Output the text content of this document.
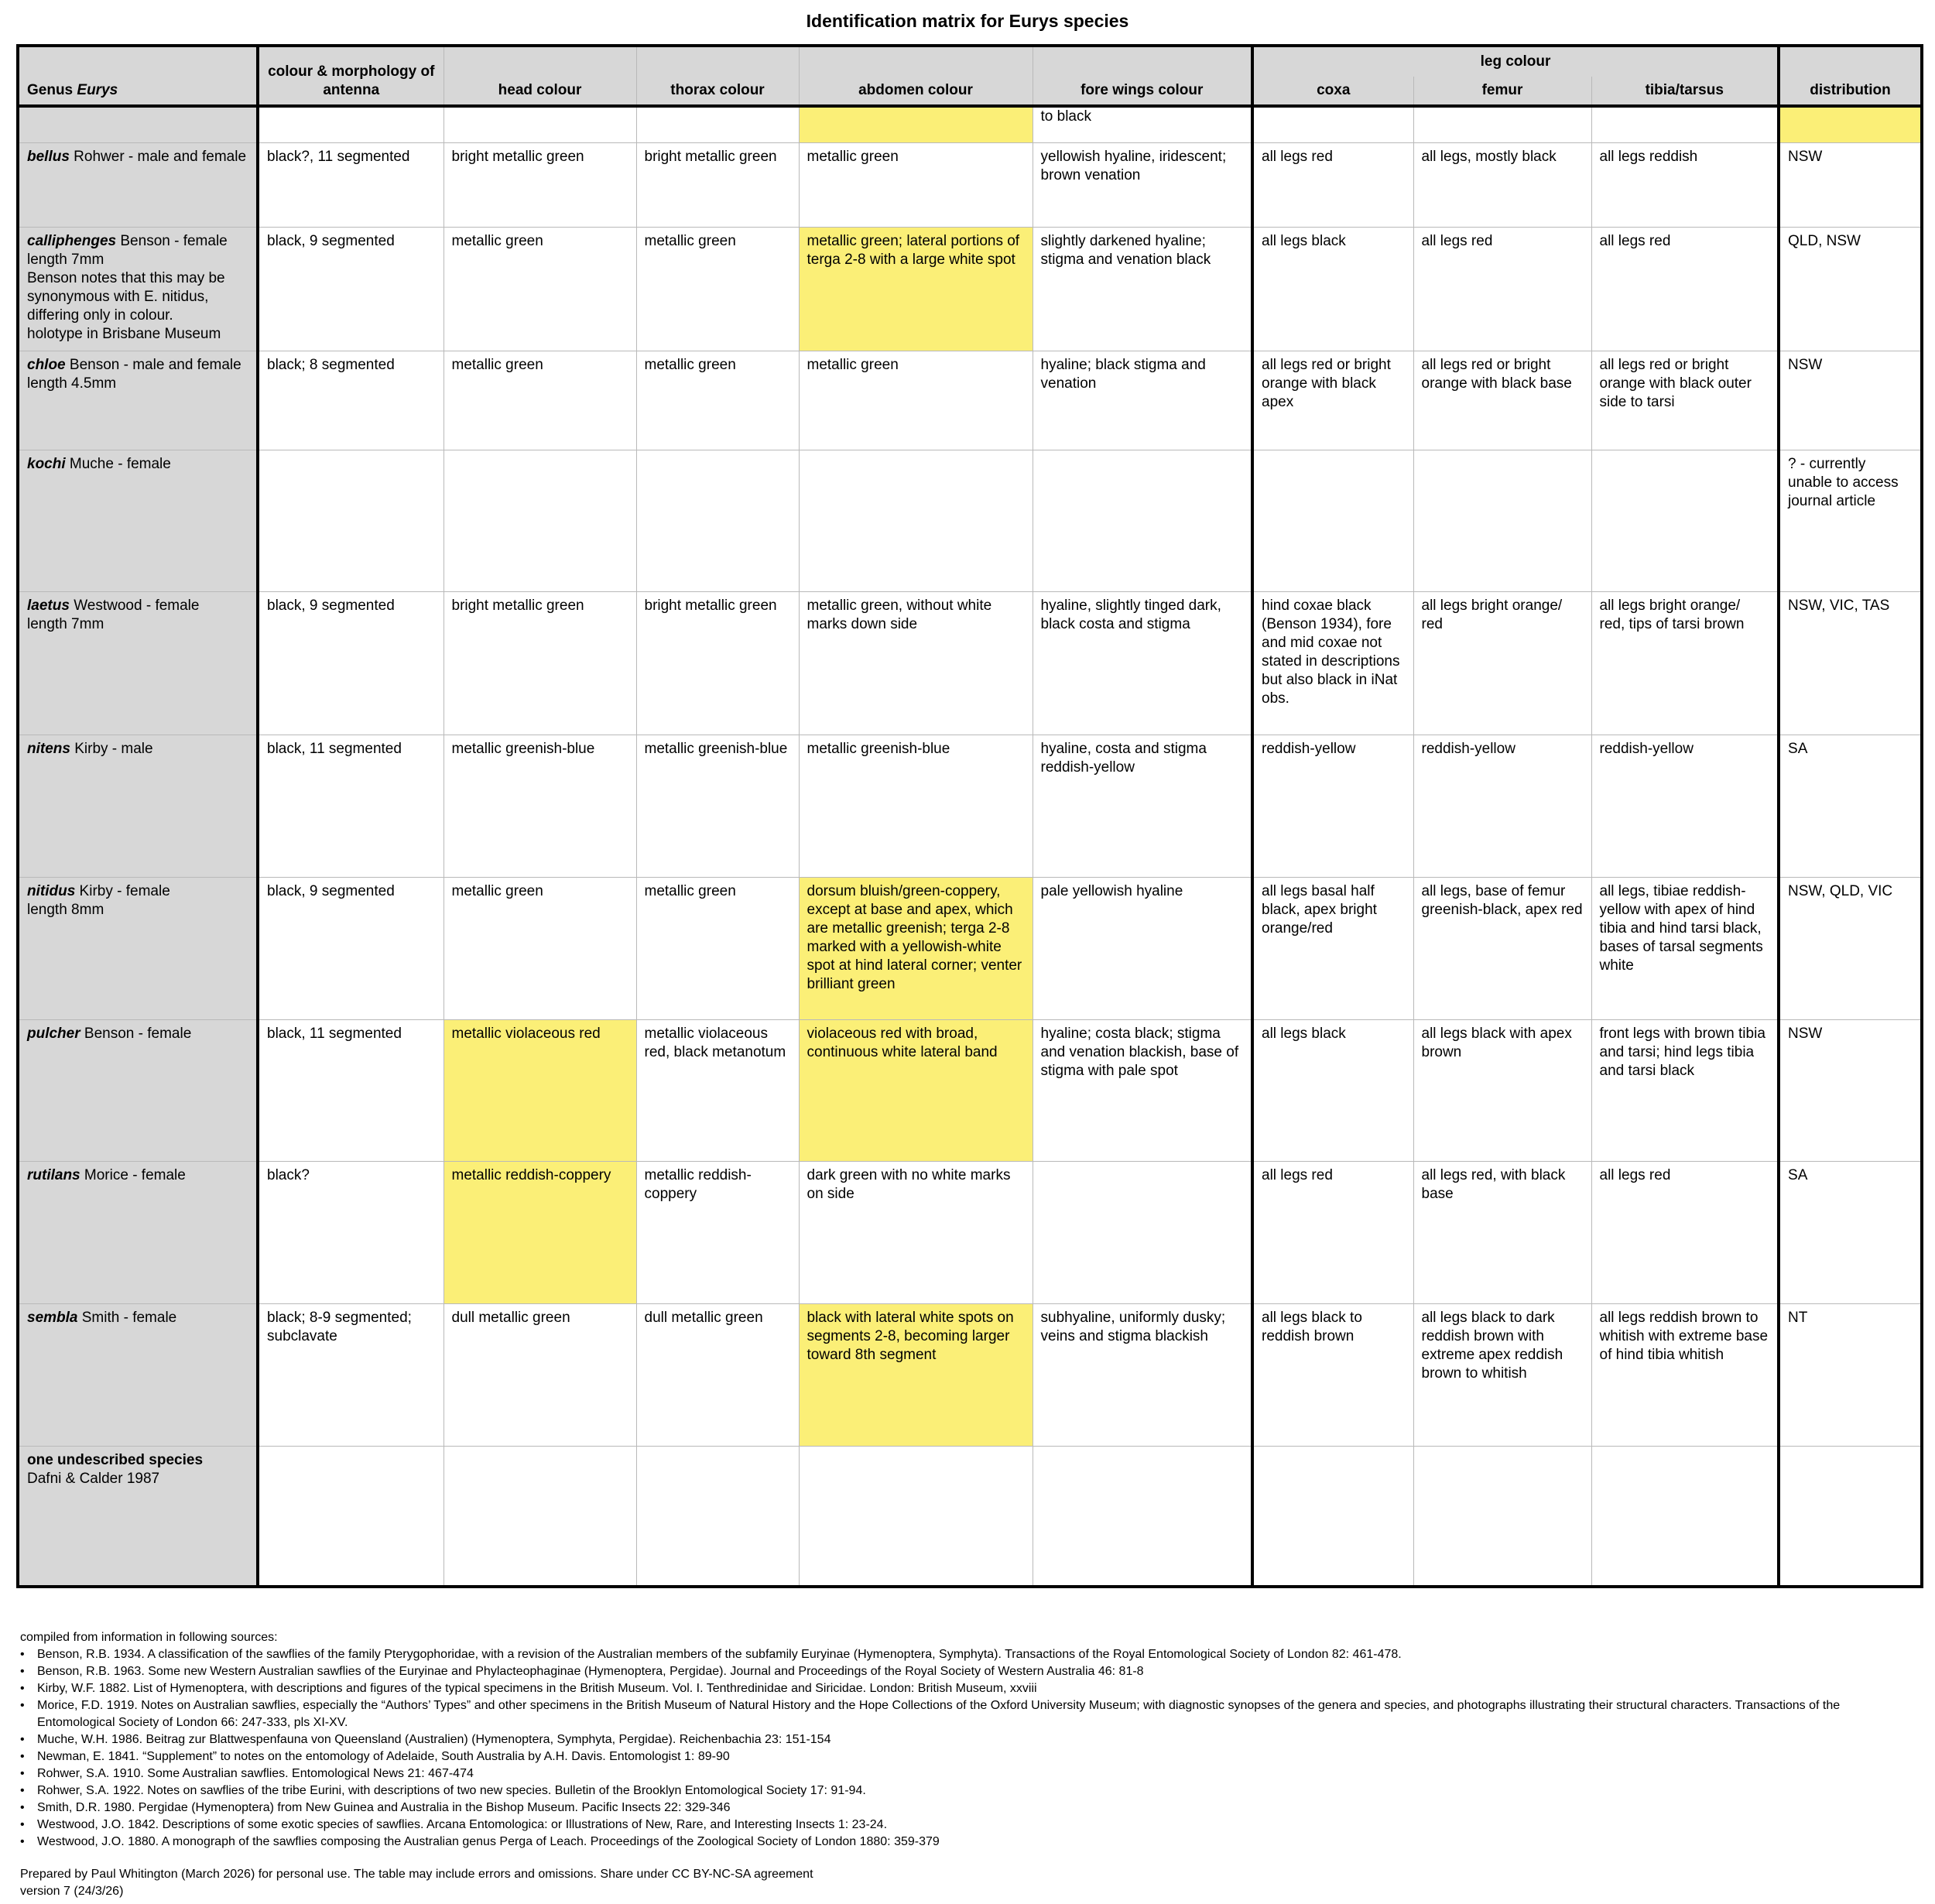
Identification matrix for Eurys species
Genus Eurys	colour & morphology of antenna	head colour	thorax colour	abdomen colour	fore wings colour	leg colour			distribution
						coxa	femur	tibia/tarsus	
					to black				
bellus Rohwer - male and female	black?, 11 segmented	bright metallic green	bright metallic green	metallic green	yellowish hyaline, iridescent; brown venation	all legs red	all legs, mostly black	all legs reddish	NSW
calliphenges Benson - female
length 7mm
Benson notes that this may be synonymous with E. nitidus, differing only in colour.
holotype in Brisbane Museum	black, 9 segmented	metallic green	metallic green	metallic green; lateral portions of terga 2-8 with a large white spot	slightly darkened hyaline; stigma and venation black	all legs black	all legs red	all legs red	QLD, NSW
chloe Benson - male and female
length 4.5mm	black; 8 segmented	metallic green	metallic green	metallic green	hyaline; black stigma and venation	all legs red or bright orange with black apex	all legs red or bright orange with black base	all legs red or bright orange with black outer side to tarsi	NSW
kochi Muche - female									? - currently unable to access journal article
laetus Westwood - female
length 7mm	black, 9 segmented	bright metallic green	bright metallic green	metallic green, without white marks down side	hyaline, slightly tinged dark, black costa and stigma	hind coxae black (Benson 1934), fore and mid coxae not stated in descriptions but also black in iNat obs.	all legs bright orange/ red	all legs bright orange/ red, tips of tarsi brown	NSW, VIC, TAS
nitens Kirby - male	black, 11 segmented	metallic greenish-blue	metallic greenish-blue	metallic greenish-blue	hyaline, costa and stigma reddish-yellow	reddish-yellow	reddish-yellow	reddish-yellow	SA
nitidus Kirby - female
length 8mm	black, 9 segmented	metallic green	metallic green	dorsum bluish/green-coppery, except at base and apex, which are metallic greenish; terga 2-8 marked with a yellowish-white spot at hind lateral corner; venter brilliant green	pale yellowish hyaline	all legs basal half black, apex bright orange/red	all legs, base of femur greenish-black, apex red	all legs, tibiae reddish-yellow with apex of hind tibia and hind tarsi black, bases of tarsal segments white	NSW, QLD, VIC
pulcher Benson - female	black, 11 segmented	metallic violaceous red	metallic violaceous red, black metanotum	violaceous red with broad, continuous white lateral band	hyaline; costa black; stigma and venation blackish, base of stigma with pale spot	all legs black	all legs black with apex brown	front legs with brown tibia and tarsi; hind legs tibia and tarsi black	NSW
rutilans Morice - female	black?	metallic reddish-coppery	metallic reddish-coppery	dark green with no white marks on side		all legs red	all legs red, with black base	all legs red	SA
sembla Smith - female	black; 8-9 segmented; subclavate	dull metallic green	dull metallic green	black with lateral white spots on segments 2-8, becoming larger toward 8th segment	subhyaline, uniformly dusky; veins and stigma blackish	all legs black to reddish brown	all legs black to dark reddish brown with extreme apex reddish brown to whitish	all legs reddish brown to whitish with extreme base of hind tibia whitish	NT

one undescribed species
Dafni & Calder 1987									

compiled from information in following sources:
• Benson, R.B. 1934. A classification of the sawflies of the family Pterygophoridae, with a revision of the Australian members of the subfamily Euryinae (Hymenoptera, Symphyta). Transactions of the Royal Entomological Society of London 82: 461-478.
• Benson, R.B. 1963. Some new Western Australian sawflies of the Euryinae and Phylacteophaginae (Hymenoptera, Pergidae). Journal and Proceedings of the Royal Society of Western Australia 46: 81-8
• Kirby, W.F. 1882. List of Hymenoptera, with descriptions and figures of the typical specimens in the British Museum. Vol. I. Tenthredinidae and Siricidae. London: British Museum, xxviii
• Morice, F.D. 1919. Notes on Australian sawflies, especially the “Authors’ Types” and other specimens in the British Museum of Natural History and the Hope Collections of the Oxford University Museum; with diagnostic synopses of the genera and species, and photographs illustrating their structural characters. Transactions of the Entomological Society of London 66: 247-333, pls XI-XV.
• Muche, W.H. 1986. Beitrag zur Blattwespenfauna von Queensland (Australien) (Hymenoptera, Symphyta, Pergidae). Reichenbachia 23: 151-154
• Newman, E. 1841. “Supplement” to notes on the entomology of Adelaide, South Australia by A.H. Davis. Entomologist 1: 89-90
• Rohwer, S.A. 1910. Some Australian sawflies. Entomological News 21: 467-474
• Rohwer, S.A. 1922. Notes on sawflies of the tribe Eurini, with descriptions of two new species. Bulletin of the Brooklyn Entomological Society 17: 91-94.
• Smith, D.R. 1980. Pergidae (Hymenoptera) from New Guinea and Australia in the Bishop Museum. Pacific Insects 22: 329-346
• Westwood, J.O. 1842. Descriptions of some exotic species of sawflies. Arcana Entomologica: or Illustrations of New, Rare, and Interesting Insects 1: 23-24.
• Westwood, J.O. 1880. A monograph of the sawflies composing the Australian genus Perga of Leach. Proceedings of the Zoological Society of London 1880: 359-379
Prepared by Paul Whitington (March 2026) for personal use. The table may include errors and omissions. Share under CC BY-NC-SA agreement
version 7 (24/3/26)
